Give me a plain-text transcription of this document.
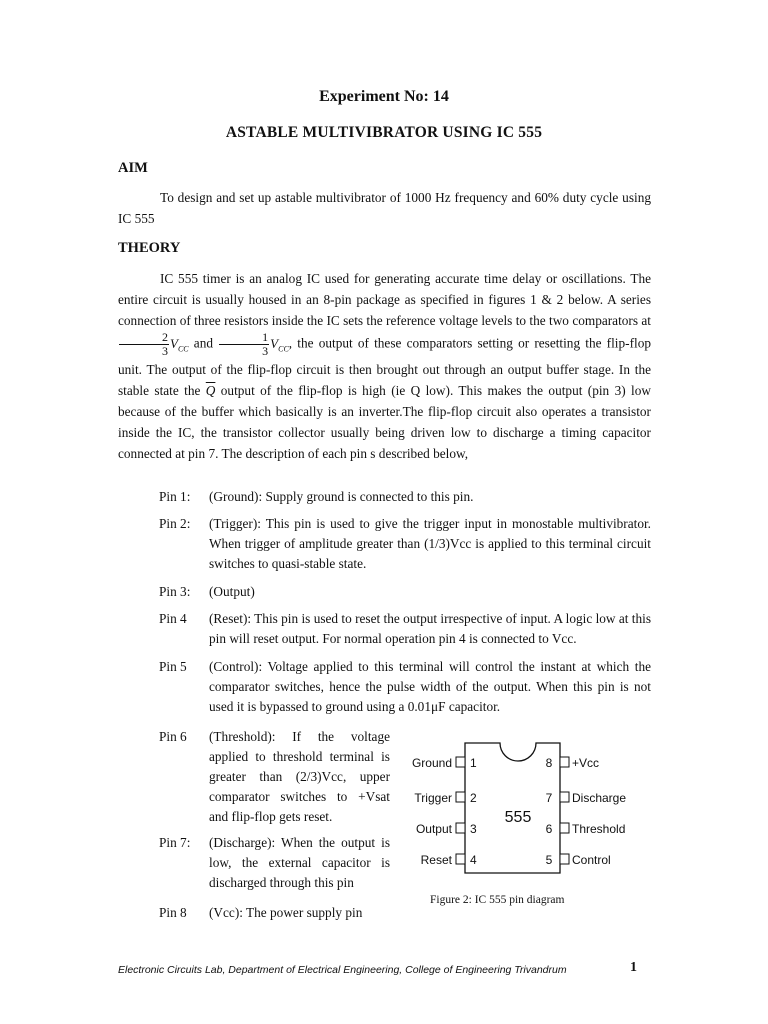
Experiment No: 14
ASTABLE MULTIVIBRATOR USING IC 555
AIM
To design and set up astable multivibrator of 1000 Hz frequency and 60% duty cycle using IC 555
THEORY
IC 555 timer is an analog IC used for generating accurate time delay or oscillations. The entire circuit is usually housed in an 8-pin package as specified in figures 1 & 2 below. A series connection of three resistors inside the IC sets the reference voltage levels to the two comparators at
$\frac{2}{3} V_{CC}$ and $\frac{1}{3} V_{CC}$, the output of these comparators setting or resetting the flip-flop unit. The output of the flip-flop circuit is then brought out through an output buffer stage. In the stable state the $\overline{Q}$ output of the flip-flop is high (ie Q low). This makes the output (pin 3) low because of the buffer which basically is an inverter.The flip-flop circuit also operates a transistor inside the IC, the transistor collector usually being driven low to discharge a timing capacitor connected at pin 7. The description of each pin s described below,
Pin 1:	(Ground): Supply ground is connected to this pin.
Pin 2:	(Trigger): This pin is used to give the trigger input in monostable multivibrator. When trigger of amplitude greater than (1/3)Vcc is applied to this terminal circuit switches to quasi-stable state.
Pin 3:	(Output)
Pin 4	(Reset): This pin is used to reset the output irrespective of input. A logic low at this pin will reset output. For normal operation pin 4 is connected to Vcc.
Pin 5	(Control): Voltage applied to this terminal will control the instant at which the comparator switches, hence the pulse width of the output. When this pin is not used it is bypassed to ground using a 0.01μF capacitor.
Pin 6	(Threshold): If the voltage applied to threshold terminal is greater than (2/3)Vcc, upper comparator switches to +Vsat and flip-flop gets reset.
Pin 7:	(Discharge): When the output is low, the external capacitor is discharged through this pin
Pin 8	(Vcc): The power supply pin
555
Ground 1
Trigger 2
Output 3
Reset 4
8 +Vcc
7 Discharge
6 Threshold
5 Control
Figure 2: IC 555 pin diagram
Electronic Circuits Lab, Department of Electrical Engineering, College of Engineering Trivandrum	1
